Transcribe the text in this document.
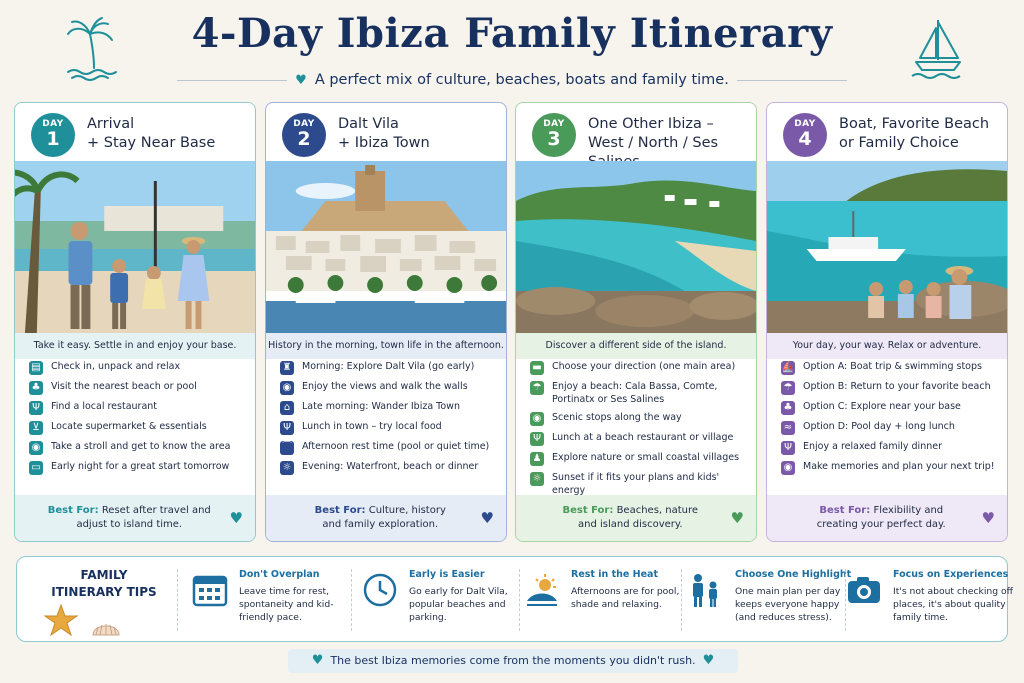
4-Day Ibiza Family Itinerary
♥ A perfect mix of culture, beaches, boats and family time.
DAY
1
Arrival
+ Stay Near Base
Take it easy. Settle in and enjoy your base.
▤ Check in, unpack and relax
♣ Visit the nearest beach or pool
Ψ	Find a local restaurant
⊻	Locate supermarket & essentials
◉ Take a stroll and get to know the area
▭ Early night for a great start tomorrow
Best For: Reset after travel and
adjust to island time.	♥
DAY
2
Dalt Vila
+ Ibiza Town
History in the morning, town life in the afternoon.
♜ Morning: Explore Dalt Vila (go early)
◉ Enjoy the views and walk the walls
⌂	Late morning: Wander Ibiza Town
Ψ	Lunch in town – try local food
⌒ Afternoon rest time (pool or quiet time)
☼ Evening: Waterfront, beach or dinner
Best For: Culture, history
and family exploration.	♥
DAY
3
One Other Ibiza –
West / North / Ses
Discover a different side of the island.
▬ Choose your direction (one main area)
☂ Enjoy a beach: Cala Bassa, Comte,
Portinatx or Ses Salines
◉ Scenic stops along the way
Ψ	Lunch at a beach restaurant or village
♟ Explore nature or small coastal villages
☼ Sunset if it fits your plans and kids' energy
Best For: Beaches, nature
and island discovery.	♥
DAY
4
Boat, Favorite Beach
or Family Choice
Your day, your way. Relax or adventure.
⛵ Option A: Boat trip & swimming stops
☂ Option B: Return to your favorite beach
♣ Option C: Explore near your base
≈ Option D: Pool day + long lunch
Ψ	Enjoy a relaxed family dinner
◉ Make memories and plan your next trip!
Best For: Flexibility and
creating your perfect day.	♥
FAMILY
ITINERARY TIPS
Don't Overplan
Leave time for rest, spontaneity and kid-friendly pace.
Early is Easier
Go early for Dalt Vila, popular beaches and parking.
Rest in the Heat
Afternoons are for pool, shade and relaxing.
Choose One Highlight
One main plan per day keeps everyone happy (and reduces stress).
Focus on Experiences
It's not about checking off places, it's about quality family time.
♥ The best Ibiza memories come from the moments you didn't rush. ♥
